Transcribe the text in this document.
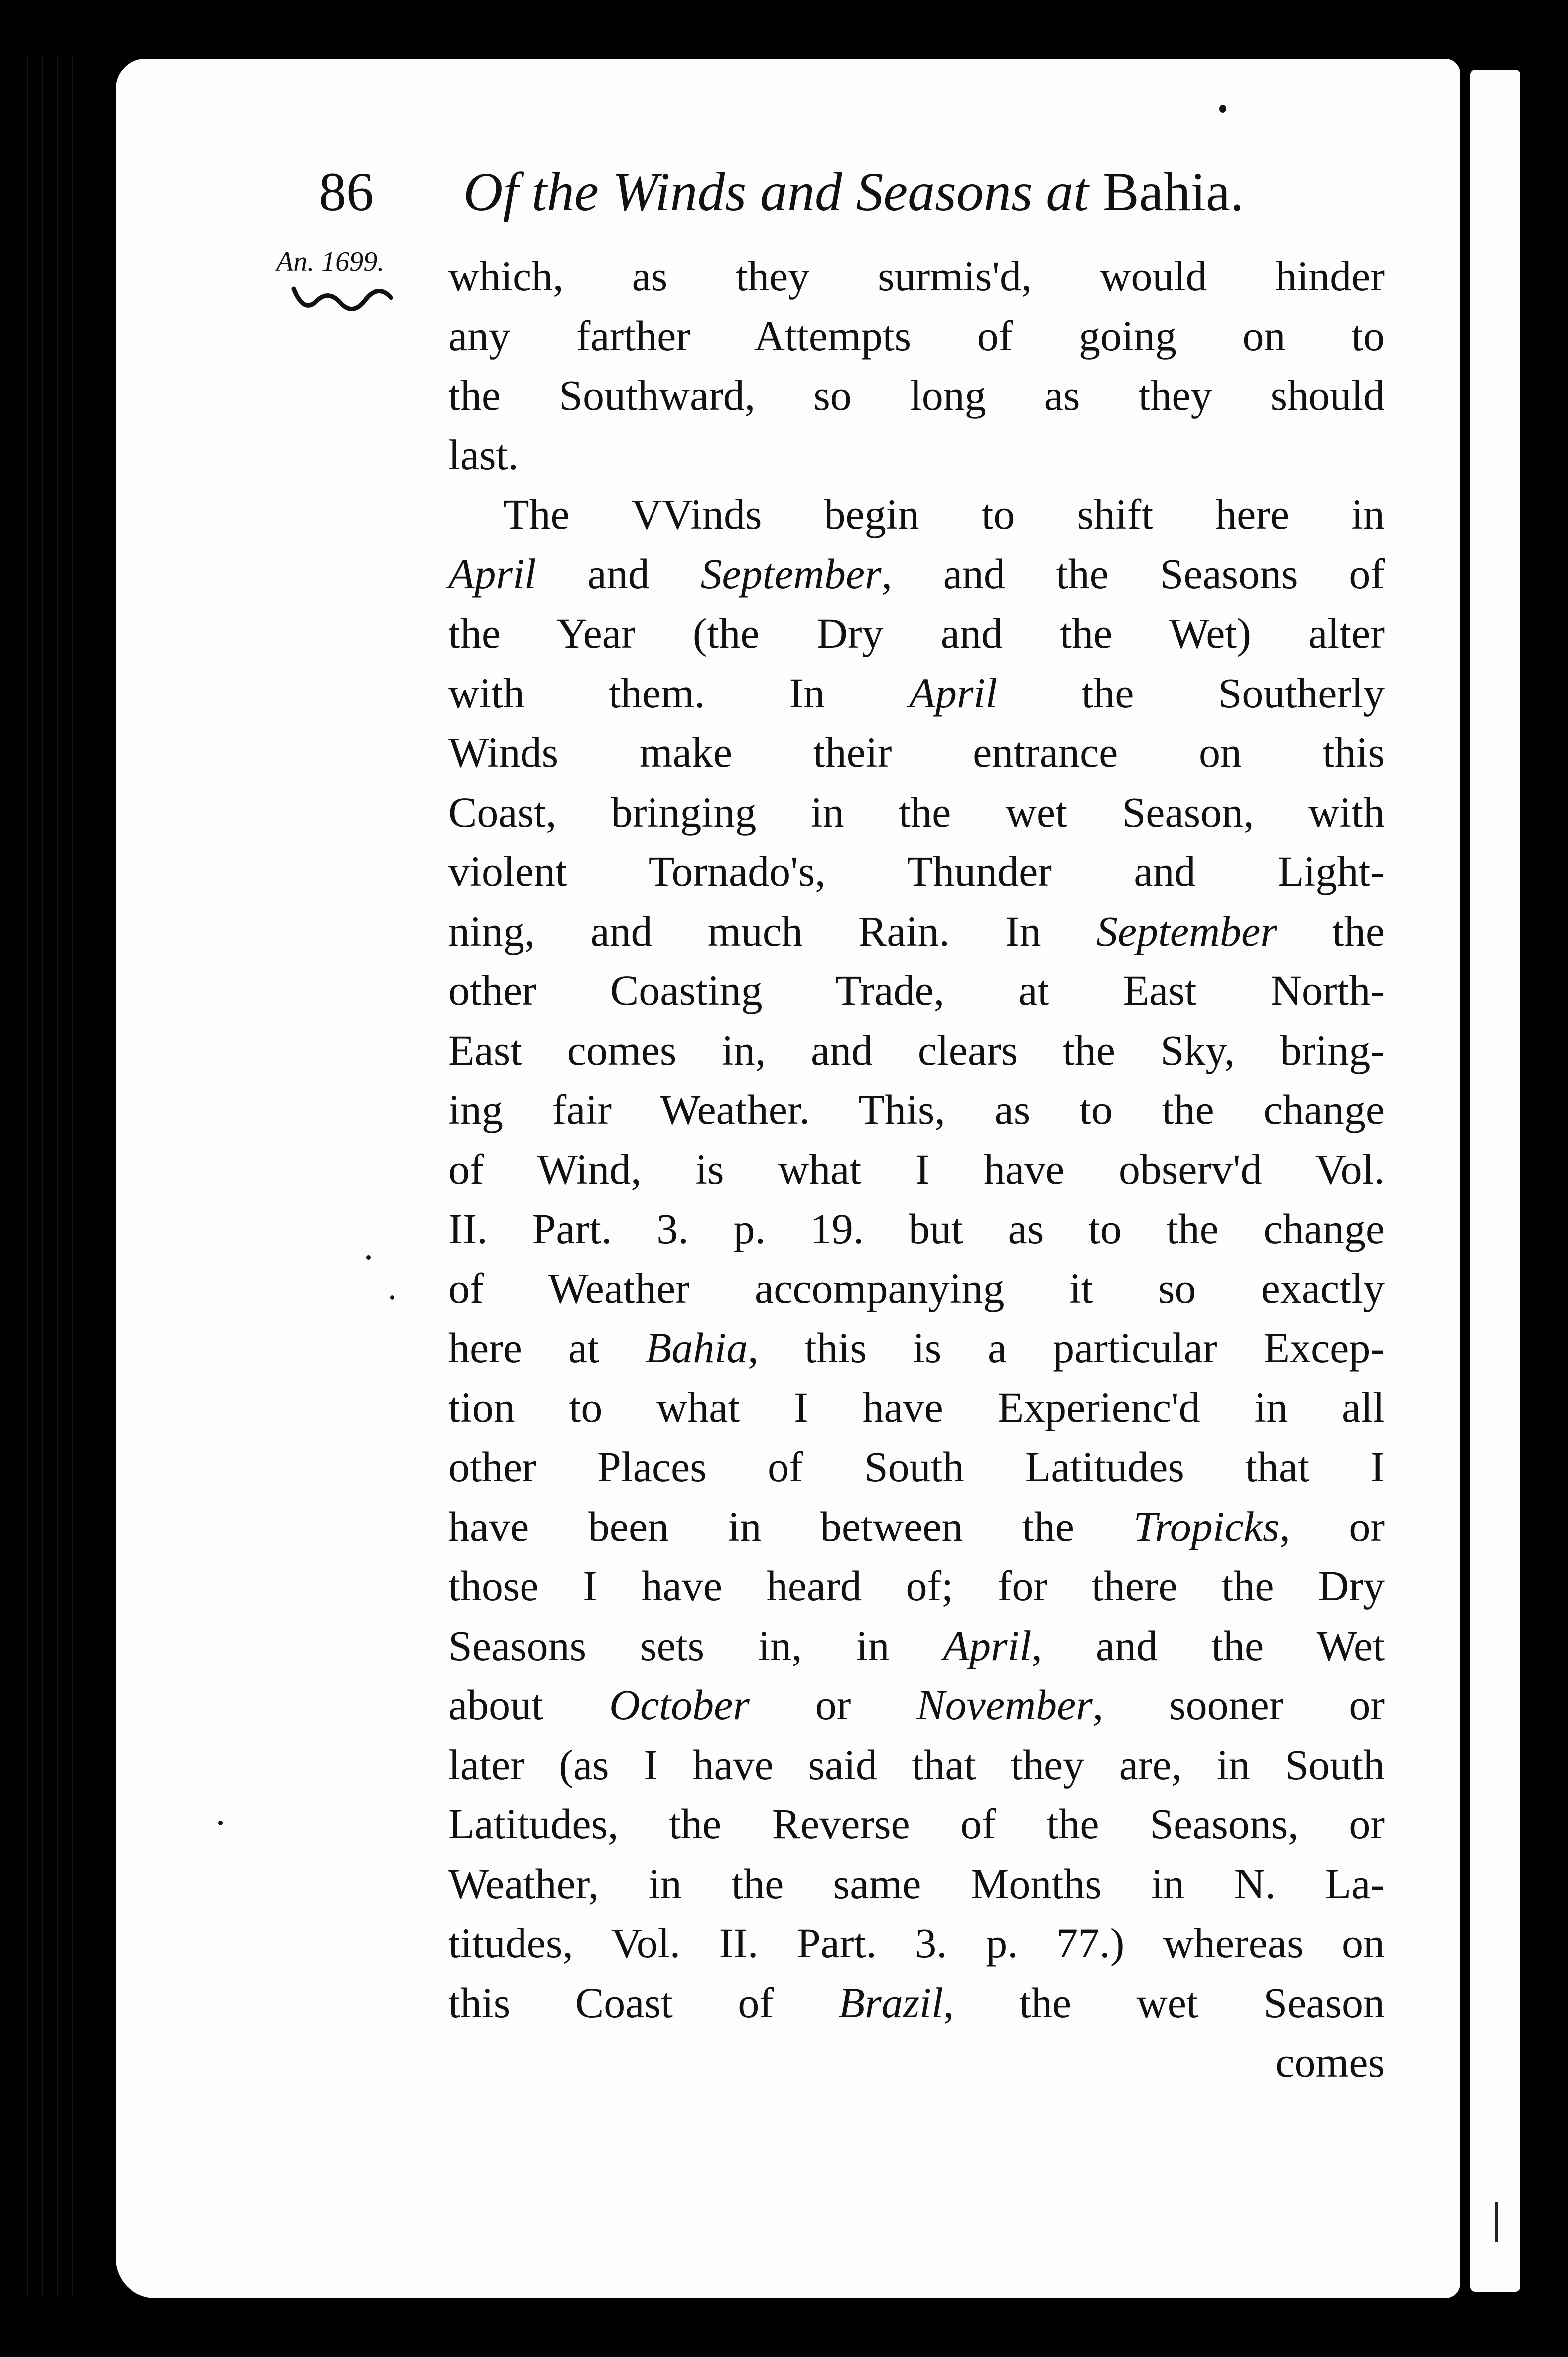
86 Of the Winds and Seasons at Bahia.
An. 1699. which, as they surmis'd, would hinder
any farther Attempts of going on to
the Southward, so long as they should
last.
The VVinds begin to shift here in
April and September, and the Seasons of
the Year (the Dry and the Wet) alter
with them. In April the Southerly
Winds make their entrance on this
Coast, bringing in the wet Season, with
violent Tornado's, Thunder and Light-
ning, and much Rain. In September the
other Coasting Trade, at East North-
East comes in, and clears the Sky, bring-
ing fair Weather. This, as to the change
of Wind, is what I have observ'd Vol.
II. Part. 3. p. 19. but as to the change
of Weather accompanying it so exactly
here at Bahia, this is a particular Excep-
tion to what I have Experienc'd in all
other Places of South Latitudes that I
have been in between the Tropicks, or
those I have heard of; for there the Dry
Seasons sets in, in April, and the Wet
about October or November, sooner or
later (as I have said that they are, in South
Latitudes, the Reverse of the Seasons, or
Weather, in the same Months in N. La-
titudes, Vol. II. Part. 3. p. 77.) whereas on
this Coast of Brazil, the wet Season
comes
